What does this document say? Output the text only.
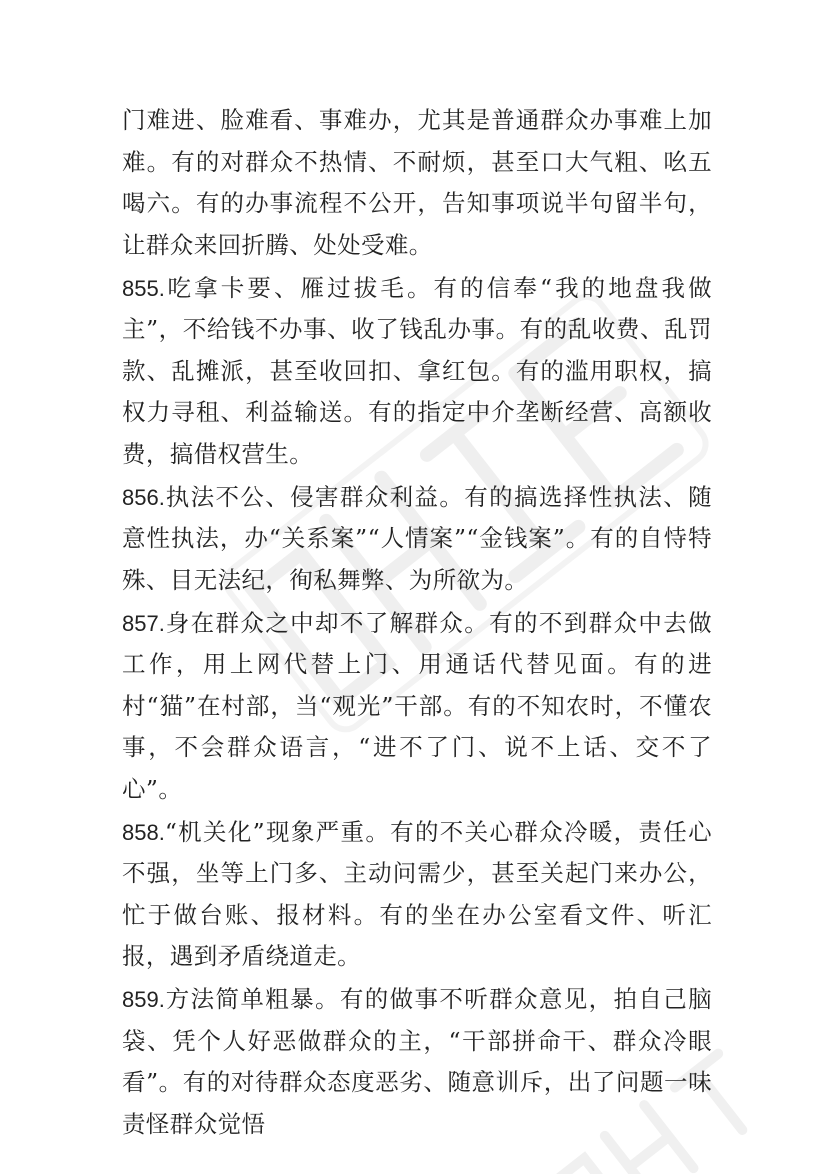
门难进、脸难看、事难办，尤其是普通群众办事难上加难。有的对群众不热情、不耐烦，甚至口大气粗、吆五喝六。有的办事流程不公开，告知事项说半句留半句，让群众来回折腾、处处受难。

855.吃拿卡要、雁过拔毛。有的信奉“我的地盘我做主”，不给钱不办事、收了钱乱办事。有的乱收费、乱罚款、乱摊派，甚至收回扣、拿红包。有的滥用职权，搞权力寻租、利益输送。有的指定中介垄断经营、高额收费，搞借权营生。

856.执法不公、侵害群众利益。有的搞选择性执法、随意性执法，办“关系案”“人情案”“金钱案”。有的自恃特殊、目无法纪，徇私舞弊、为所欲为。

857.身在群众之中却不了解群众。有的不到群众中去做工作，用上网代替上门、用通话代替见面。有的进村“猫”在村部，当“观光”干部。有的不知农时，不懂农事，不会群众语言，“进不了门、说不上话、交不了心”。

858.“机关化”现象严重。有的不关心群众冷暖，责任心不强，坐等上门多、主动问需少，甚至关起门来办公，忙于做台账、报材料。有的坐在办公室看文件、听汇报，遇到矛盾绕道走。

859.方法简单粗暴。有的做事不听群众意见，拍自己脑袋、凭个人好恶做群众的主，“干部拼命干、群众冷眼看”。有的对待群众态度恶劣、随意训斥，出了问题一味责怪群众觉悟
